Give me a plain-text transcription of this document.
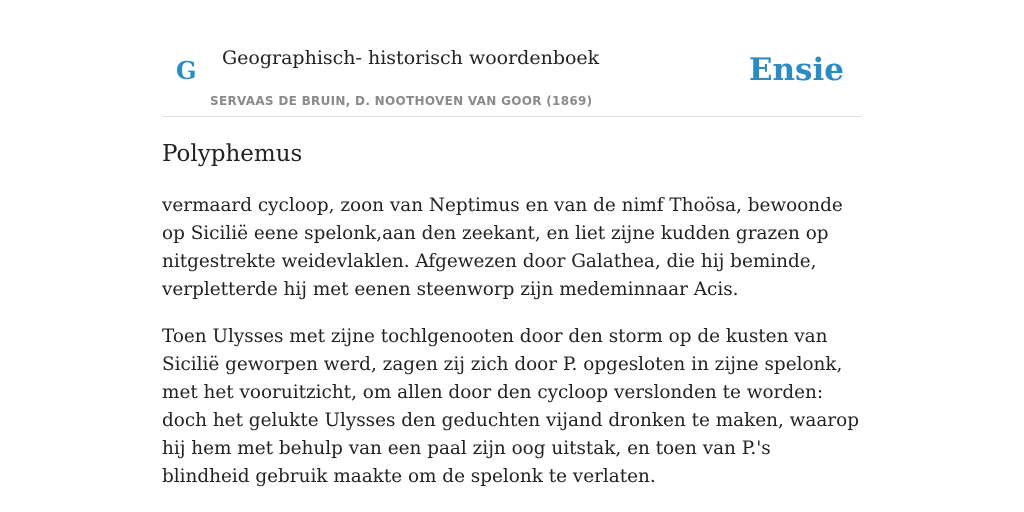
G Geographisch- historisch woordenboek
SERVAAS DE BRUIN, D. NOOTHOVEN VAN GOOR (1869)
Ensie
Polyphemus

vermaard cycloop, zoon van Neptimus en van de nimf Thoösa, bewoonde op Sicilië eene spelonk,aan den zeekant, en liet zijne kudden grazen op nitgestrekte weidevlaklen. Afgewezen door Galathea, die hij beminde, verpletterde hij met eenen steenworp zijn medeminnaar Acis.

Toen Ulysses met zijne tochlgenooten door den storm op de kusten van Sicilië geworpen werd, zagen zij zich door P. opgesloten in zijne spelonk, met het vooruitzicht, om allen door den cycloop verslonden te worden: doch het gelukte Ulysses den geduchten vijand dronken te maken, waarop hij hem met behulp van een paal zijn oog uitstak, en toen van P.'s blindheid gebruik maakte om de spelonk te verlaten.
